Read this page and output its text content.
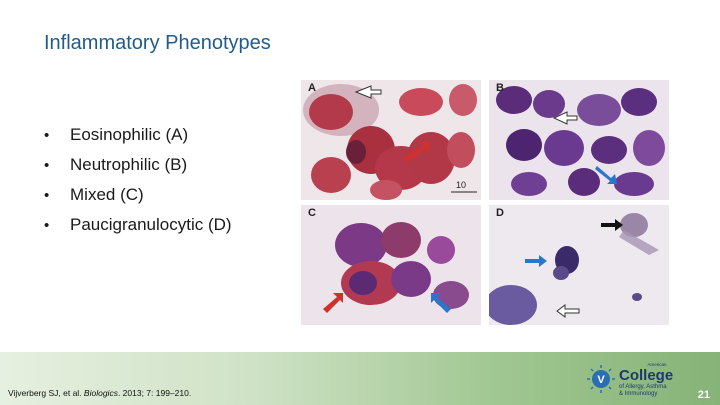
Inflammatory Phenotypes
•	Eosinophilic (A)
•	Neutrophilic (B)
•	Mixed (C)
•	Paucigranulocytic (D)
10
A	B
C	D
Vijverberg SJ, et al. Biologics. 2013; 7: 199–210.
V
American
College
of Allergy, Asthma
& Immunology	21
